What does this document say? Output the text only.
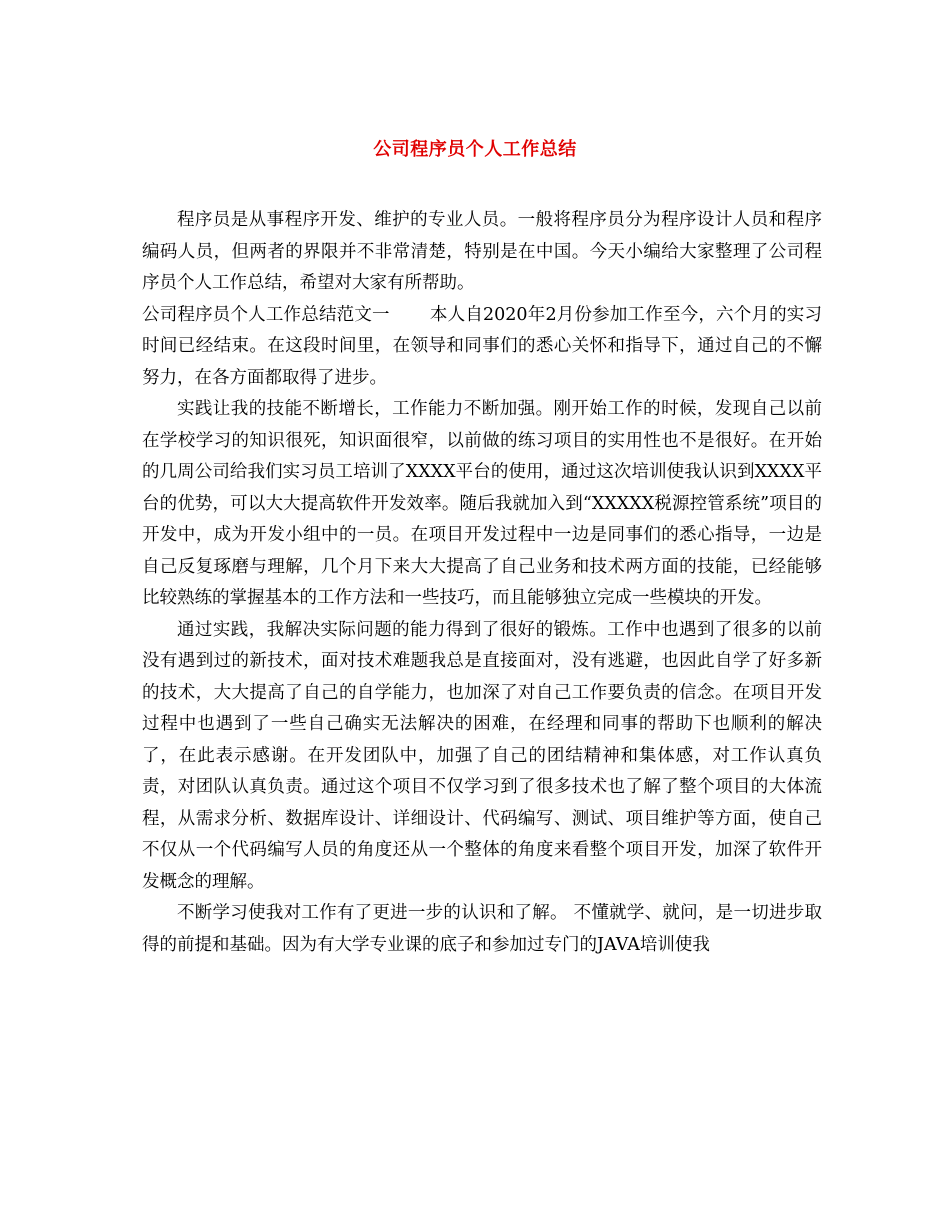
公司程序员个人工作总结

程序员是从事程序开发、维护的专业人员。一般将程序员分为程序设计人员和程序编码人员，但两者的界限并不非常清楚，特别是在中国。今天小编给大家整理了公司程序员个人工作总结，希望对大家有所帮助。

公司程序员个人工作总结范文一 本人自2020年2月份参加工作至今，六个月的实习时间已经结束。在这段时间里，在领导和同事们的悉心关怀和指导下，通过自己的不懈努力，在各方面都取得了进步。

实践让我的技能不断增长，工作能力不断加强。刚开始工作的时候，发现自己以前在学校学习的知识很死，知识面很窄，以前做的练习项目的实用性也不是很好。在开始的几周公司给我们实习员工培训了XXXX平台的使用，通过这次培训使我认识到XXXX平台的优势，可以大大提高软件开发效率。随后我就加入到“XXXXX税源控管系统”项目的开发中，成为开发小组中的一员。在项目开发过程中一边是同事们的悉心指导，一边是自己反复琢磨与理解，几个月下来大大提高了自己业务和技术两方面的技能，已经能够比较熟练的掌握基本的工作方法和一些技巧，而且能够独立完成一些模块的开发。

通过实践，我解决实际问题的能力得到了很好的锻炼。工作中也遇到了很多的以前没有遇到过的新技术，面对技术难题我总是直接面对，没有逃避，也因此自学了好多新的技术，大大提高了自己的自学能力，也加深了对自己工作要负责的信念。在项目开发过程中也遇到了一些自己确实无法解决的困难，在经理和同事的帮助下也顺利的解决了，在此表示感谢。在开发团队中，加强了自己的团结精神和集体感，对工作认真负责，对团队认真负责。通过这个项目不仅学习到了很多技术也了解了整个项目的大体流程，从需求分析、数据库设计、详细设计、代码编写、测试、项目维护等方面，使自己不仅从一个代码编写人员的角度还从一个整体的角度来看整个项目开发，加深了软件开发概念的理解。

不断学习使我对工作有了更进一步的认识和了解。 不懂就学、就问，是一切进步取得的前提和基础。因为有大学专业课的底子和参加过专门的JAVA培训使我
